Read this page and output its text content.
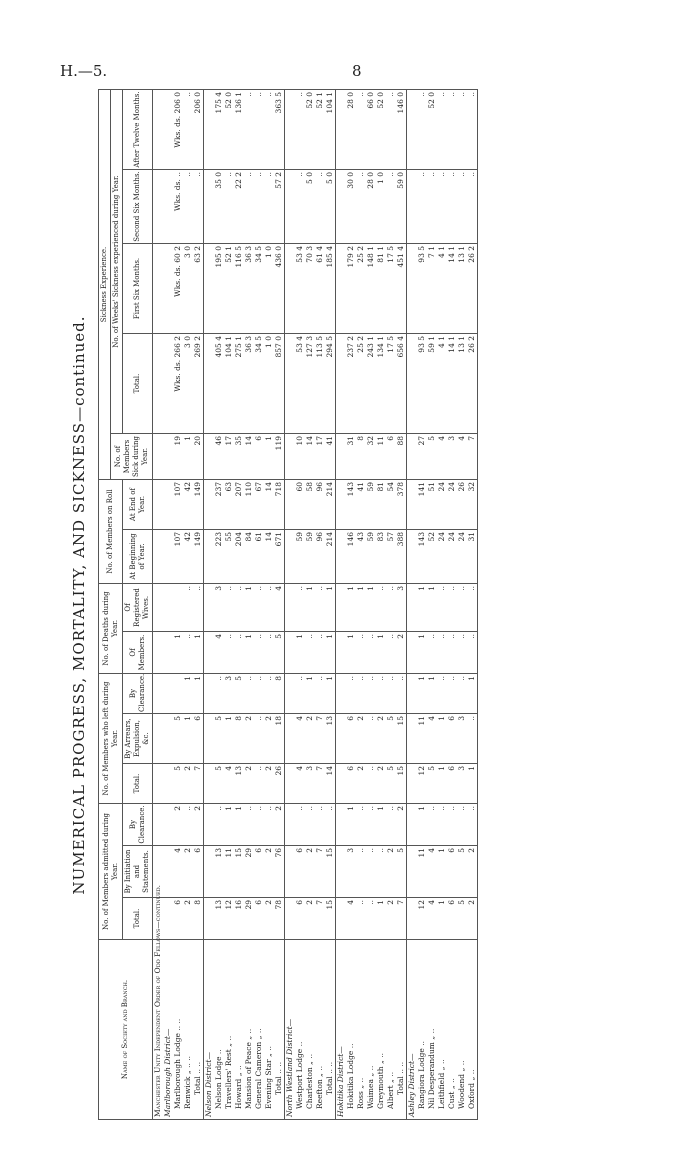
H.—5.	8
NUMERICAL PROGRESS, MORTALITY, AND SICKNESS—continued.
Name of Society and Branch.	No. of Members admitted during Year.			No. of Members who left during Year.			No. of Deaths during Year.		No. of Members on Roll		Sickness Experience.				
											No. of Members Sick during Year.	No. of Weeks' Sickness experienced during Year.			
	Total.	By Initiation and Statements.	By Clearance.	Total.	By Arrears, Expulsion, &c.	By Clearance.	Of Members.	Of Registered Wives.	At Beginning of Year.	At End of Year.		Total.	First Six Months.	Second Six Months.	After Twelve Months.

Manchester Unity Independent Order of Odd Fellows—continued.															
Marlborough District—															
Marlborough Lodge .. ..	6	4	2	5	5		1		107	107	19	Wks. ds. 266 2	Wks. ds. 60 2	Wks. ds. ..	Wks. ds. 206 0
Renwick „ .. ..	2	2	..	2	1	1	..	..	42	42	1	3 0	3 0	..	..
Total .. ..	8	6	2	7	6	1	1	..	149	149	20	269 2	63 2	..	206 0
Nelson District—															
Nelson Lodge ..	13	13	..	5	5	..	4	3	223	237	46	405 4	195 0	35 0	175 4
Travellers' Rest „ ..	12	11	1	4	1	3	..	..	55	63	17	104 1	52 1	..	52 0
Howard „ ..	16	15	1	13	8	5	..	..	204	207	35	275 1	116 5	22 2	136 1
Mansion of Peace „ ..	29	29	..	2	2	..	1	1	84	110	14	36 3	36 3	..	..
General Cameron „ ..	6	6	..	..	..	..	..	..	61	67	6	34 5	34 5	..	..
Evening Star „ ..	2	2	..	2	2	..	..	..	14	14	1	1 0	1 0	..	..
Total .. ..	78	76	2	26	18	8	5	4	671	718	119	857 0	436 0	57 2	363 5
North Westland District—															
Westport Lodge ..	6	6	..	4	4	..	1	..	59	60	10	53 4	53 4	..	..
Charleston „ ..	2	2	..	3	2	1	..	1	59	58	14	127 3	70 3	5 0	52 0
Reefton „ ..	7	7	..	7	7	..	..	..	96	96	17	113 5	61 4	..	52 1
Total .. ..	15	15	..	14	13	1	1	1	214	214	41	294 5	185 4	5 0	104 1
Hokitika District—															
Hokitika Lodge ..	4	3	1	6	6	..	1	1	146	143	31	237 2	179 2	30 0	28 0
Ross „ ..	..	..	..	2	2	..	..	1	43	41	8	25 2	25 2	..	..
Waimea „ ..	..	..	..	..	..	..	..	1	59	59	32	243 1	148 1	28 0	66 0
Greymouth „ ..	1	..	1	2	2	..	1	..	83	81	11	134 1	81 1	1 0	52 0
Albert „ ..	2	2	..	5	5	..	..	..	57	54	6	17 5	17 5	..	..
Total .. ..	7	5	2	15	15	..	2	3	388	378	88	656 4	451 4	59 0	146 0
Ashley District—															
Rangiora Lodge ..	12	11	1	12	11	1	1	1	143	141	27	93 5	93 5	..	..
Nil Desperandum „ ..	4	4	..	5	4	1	..	1	52	51	5	59 1	7 1	..	52 0
Leithfield „ ..	1	1	..	1	1	..	..	..	24	24	4	4 1	4 1	..	..
Cust „ ..	6	6	..	6	6	..	..	..	24	24	3	14 1	14 1	..	..
Woodend „ ..	5	5	..	3	3	..	..	..	24	26	4	13 1	13 1	..	..
Oxford „ ..	2	2	..	1	..	1	..	..	31	32	7	26 2	26 2	..	..
